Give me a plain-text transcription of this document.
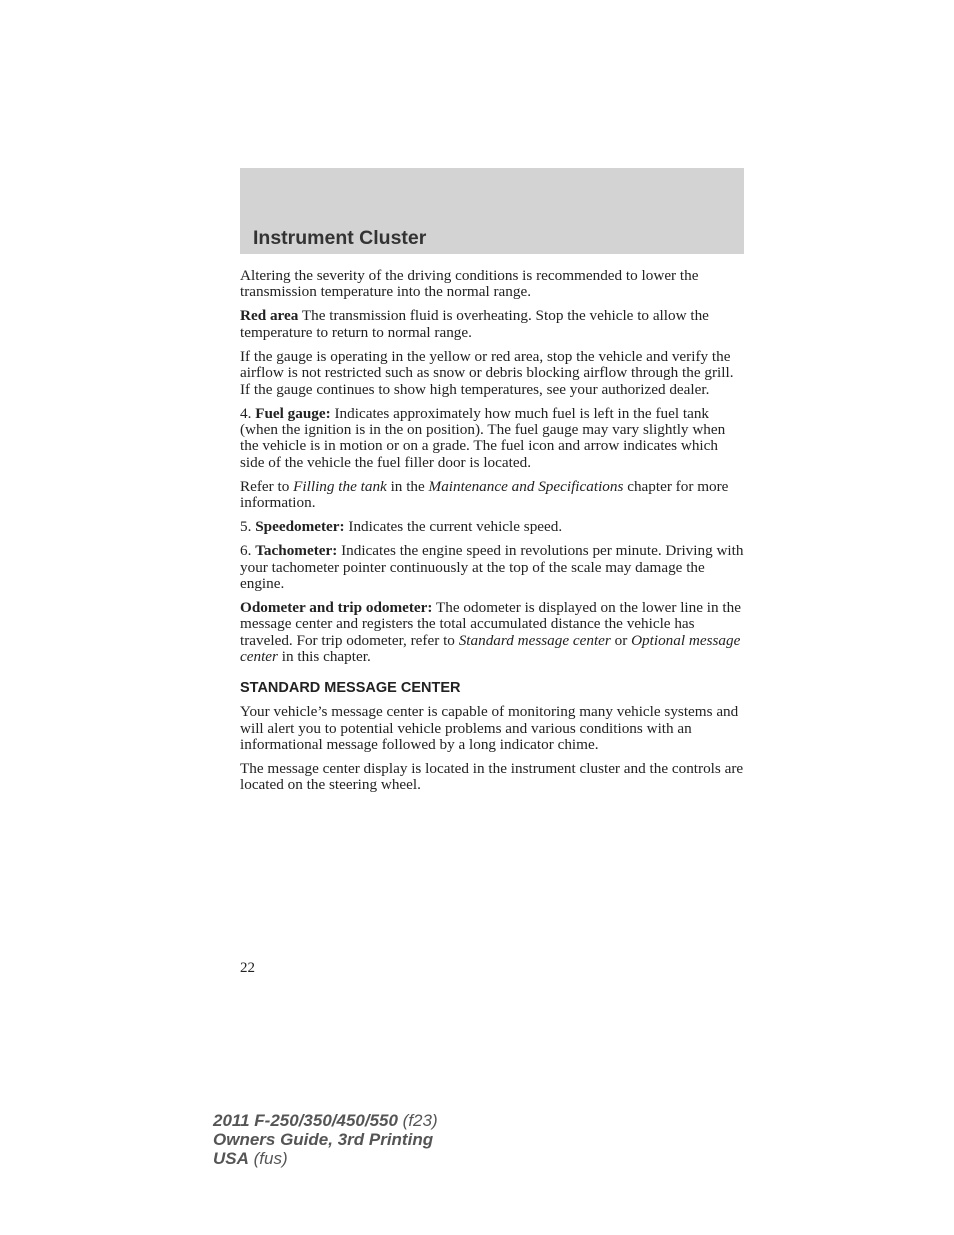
Instrument Cluster

Altering the severity of the driving conditions is recommended to lower the transmission temperature into the normal range.

Red area The transmission fluid is overheating. Stop the vehicle to allow the temperature to return to normal range.

If the gauge is operating in the yellow or red area, stop the vehicle and verify the airflow is not restricted such as snow or debris blocking airflow through the grill. If the gauge continues to show high temperatures, see your authorized dealer.

4. Fuel gauge: Indicates approximately how much fuel is left in the fuel tank (when the ignition is in the on position). The fuel gauge may vary slightly when the vehicle is in motion or on a grade. The fuel icon and arrow indicates which side of the vehicle the fuel filler door is located.

Refer to Filling the tank in the Maintenance and Specifications chapter for more information.

5. Speedometer: Indicates the current vehicle speed.

6. Tachometer: Indicates the engine speed in revolutions per minute. Driving with your tachometer pointer continuously at the top of the scale may damage the engine.

Odometer and trip odometer: The odometer is displayed on the lower line in the message center and registers the total accumulated distance the vehicle has traveled. For trip odometer, refer to Standard message center or Optional message center in this chapter.

STANDARD MESSAGE CENTER

Your vehicle’s message center is capable of monitoring many vehicle systems and will alert you to potential vehicle problems and various conditions with an informational message followed by a long indicator chime.

The message center display is located in the instrument cluster and the controls are located on the steering wheel.

22
2011 F-250/350/450/550 (f23)
Owners Guide, 3rd Printing
USA (fus)
